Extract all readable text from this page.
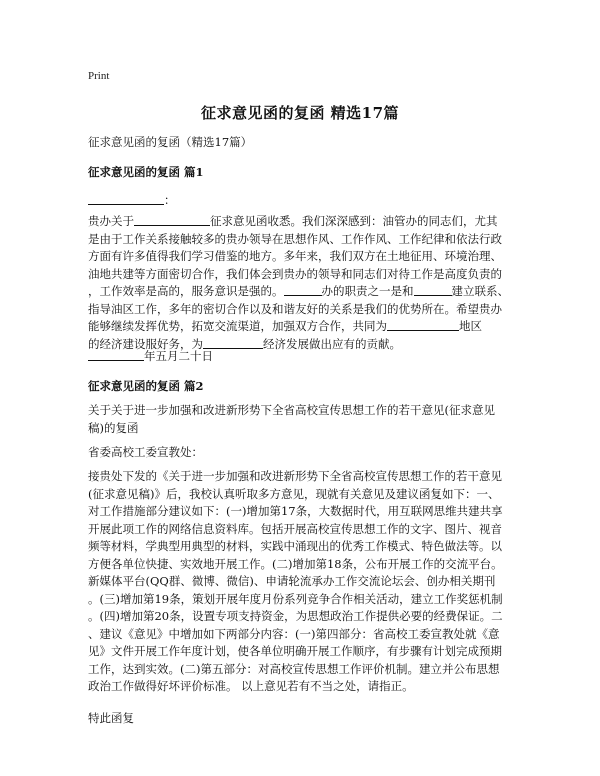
Print
征求意见函的复函 精选17篇
征求意见函的复函（精选17篇）
征求意见函的复函 篇1
：
贵办关于	征求意见函收悉。我们深深感到：油管办的同志们，尤其
是由于工作关系接触较多的贵办领导在思想作风、工作作风、工作纪律和依法行政
方面有许多值得我们学习借鉴的地方。多年来，我们双方在土地征用、环境治理、
油地共建等方面密切合作，我们体会到贵办的领导和同志们对待工作是高度负责的
，工作效率是高的，服务意识是强的。	办的职责之一是和	建立联系、
指导油区工作，多年的密切合作以及和谐友好的关系是我们的优势所在。希望贵办
能够继续发挥优势，拓宽交流渠道，加强双方合作，共同为	地区
的经济建设服好务，为	经济发展做出应有的贡献。
年五月二十日
征求意见函的复函 篇2
关于关于进一步加强和改进新形势下全省高校宣传思想工作的若干意见(征求意见
稿)的复函
省委高校工委宣教处：
接贵处下发的《关于进一步加强和改进新形势下全省高校宣传思想工作的若干意见
(征求意见稿)》后，我校认真听取多方意见，现就有关意见及建议函复如下：一、
对工作措施部分建议如下：(一)增加第17条，大数据时代，用互联网思维共建共享
开展此项工作的网络信息资料库。包括开展高校宣传思想工作的文字、图片、视音
频等材料，学典型用典型的材料，实践中涌现出的优秀工作模式、特色做法等。以
方便各单位快捷、实效地开展工作。(二)增加第18条，公布开展工作的交流平台。
新媒体平台(QQ群、微博、微信)、申请轮流承办工作交流论坛会、创办相关期刊
。(三)增加第19条，策划开展年度月份系列竞争合作相关活动，建立工作奖惩机制
。(四)增加第20条，设置专项支持资金，为思想政治工作提供必要的经费保证。二
、建议《意见》中增加如下两部分内容：(一)第四部分：省高校工委宣教处就《意
见》文件开展工作年度计划，使各单位明确开展工作顺序，有步骤有计划完成预期
工作，达到实效。(二)第五部分：对高校宣传思想工作评价机制。建立并公布思想
政治工作做得好坏评价标准。 以上意见若有不当之处，请指正。
特此函复
